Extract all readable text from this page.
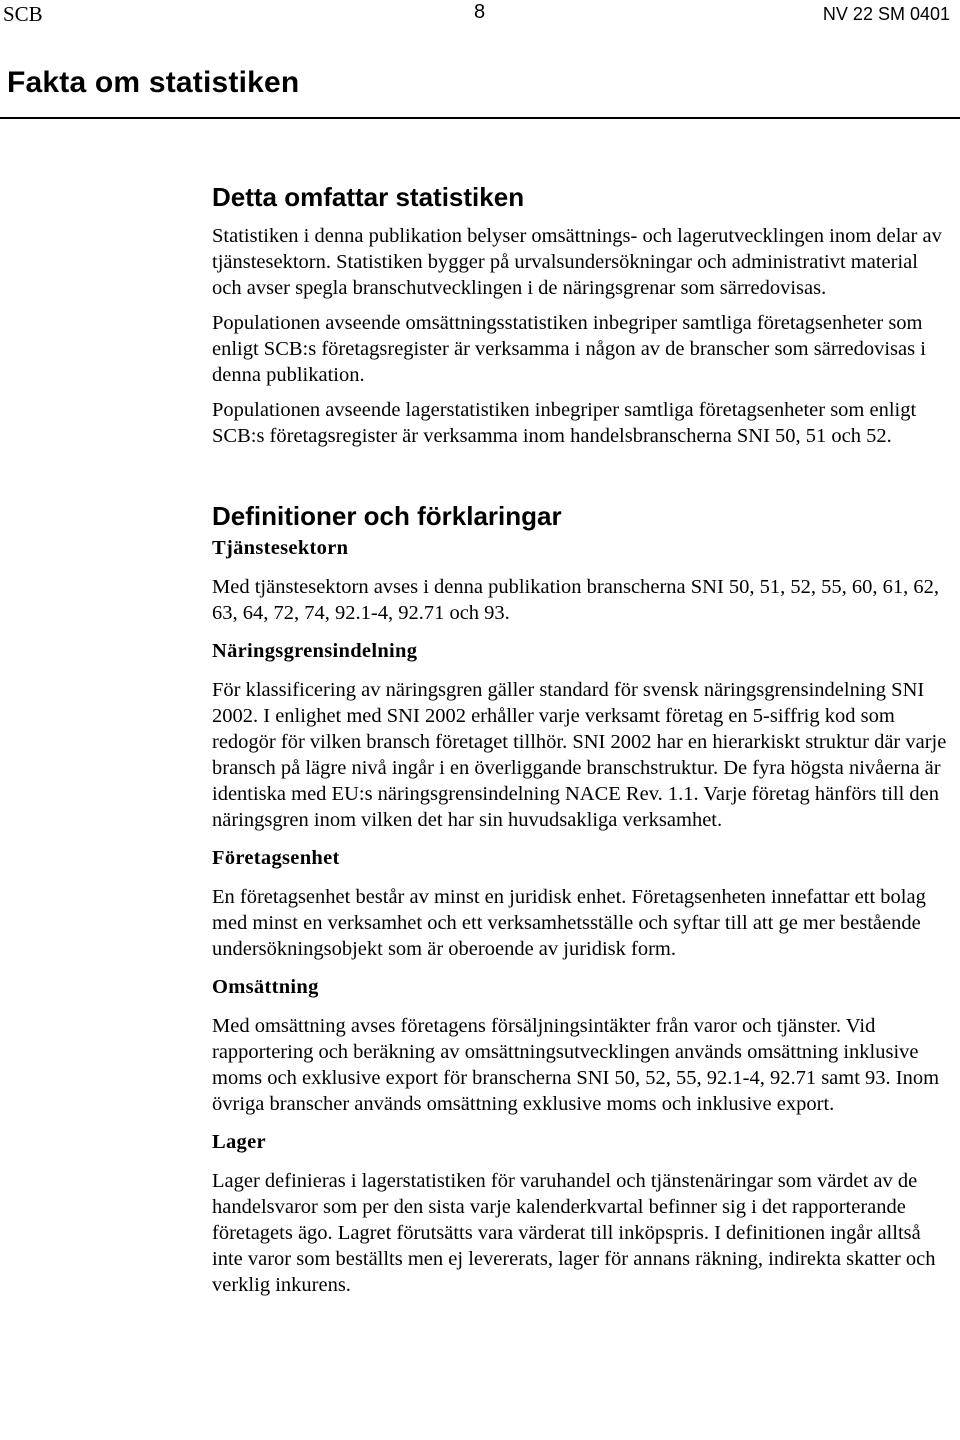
SCB	8	NV 22 SM 0401
Fakta om statistiken
Detta omfattar statistiken

Statistiken i denna publikation belyser omsättnings- och lagerutvecklingen inom delar av tjänstesektorn. Statistiken bygger på urvalsundersökningar och administrativt material och avser spegla branschutvecklingen i de näringsgrenar som särredovisas.

Populationen avseende omsättningsstatistiken inbegriper samtliga företagsenheter som enligt SCB:s företagsregister är verksamma i någon av de branscher som särredovisas i denna publikation.

Populationen avseende lagerstatistiken inbegriper samtliga företagsenheter som enligt SCB:s företagsregister är verksamma inom handelsbranscherna SNI 50, 51 och 52.

Definitioner och förklaringar
Tjänstesektorn

Med tjänstesektorn avses i denna publikation branscherna SNI 50, 51, 52, 55, 60, 61, 62, 63, 64, 72, 74, 92.1-4, 92.71 och 93.

Näringsgrensindelning

För klassificering av näringsgren gäller standard för svensk näringsgrensindelning SNI 2002. I enlighet med SNI 2002 erhåller varje verksamt företag en 5-siffrig kod som redogör för vilken bransch företaget tillhör. SNI 2002 har en hierarkiskt struktur där varje bransch på lägre nivå ingår i en överliggande branschstruktur. De fyra högsta nivåerna är identiska med EU:s näringsgrensindelning NACE Rev. 1.1. Varje företag hänförs till den näringsgren inom vilken det har sin huvudsakliga verksamhet.

Företagsenhet

En företagsenhet består av minst en juridisk enhet. Företagsenheten innefattar ett bolag med minst en verksamhet och ett verksamhetsställe och syftar till att ge mer bestående undersökningsobjekt som är oberoende av juridisk form.

Omsättning

Med omsättning avses företagens försäljningsintäkter från varor och tjänster. Vid rapportering och beräkning av omsättningsutvecklingen används omsättning inklusive moms och exklusive export för branscherna SNI 50, 52, 55, 92.1-4, 92.71 samt 93. Inom övriga branscher används omsättning exklusive moms och inklusive export.

Lager

Lager definieras i lagerstatistiken för varuhandel och tjänstenäringar som värdet av de handelsvaror som per den sista varje kalenderkvartal befinner sig i det rapporterande företagets ägo. Lagret förutsätts vara värderat till inköpspris. I definitionen ingår alltså inte varor som beställts men ej levererats, lager för annans räkning, indirekta skatter och verklig inkurens.
